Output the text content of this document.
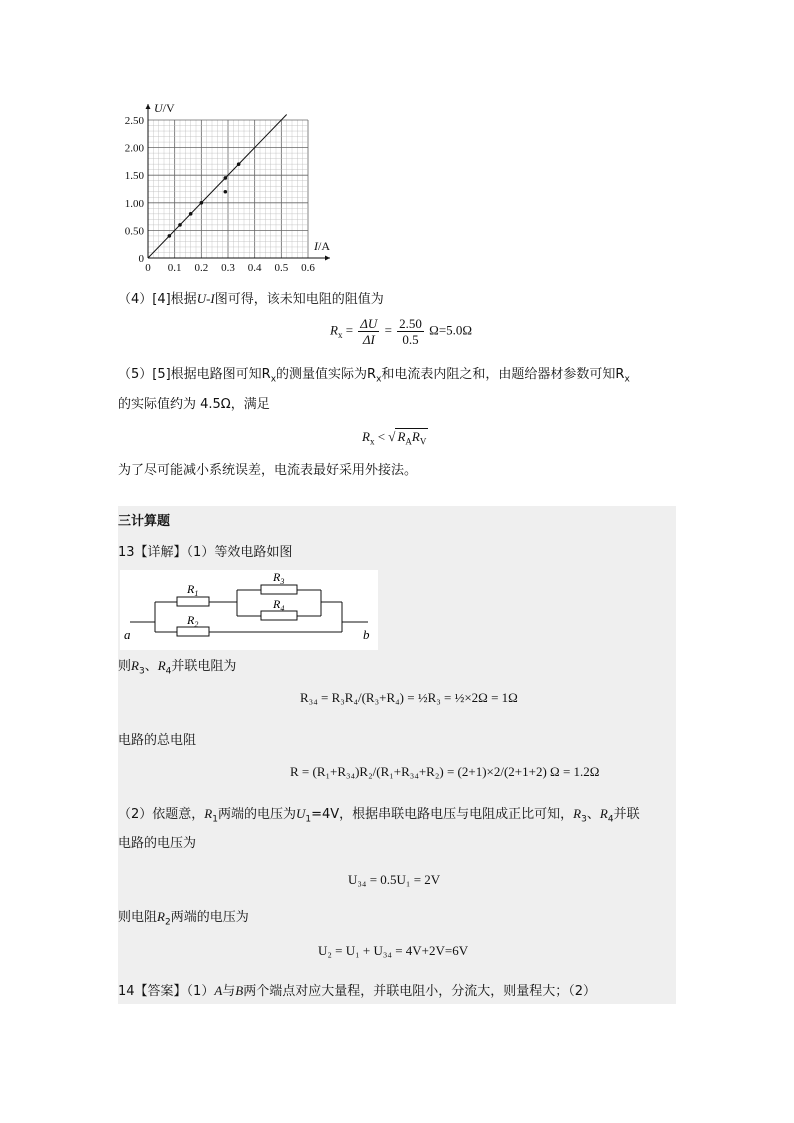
0 0.1 0.2 0.3 0.4 0.5 0.6
0
0.50
1.00
1.50
2.00
2.50
I/A
U/V
（4）[4]根据U-I图可得，该未知电阻的阻值为
$R_x = \frac{\Delta U}{\Delta I} = \frac{2.50}{0.5} \Omega=5.0\Omega$
（5）[5]根据电路图可知$R_x$的测量值实际为$R_x$和电流表内阻之和，由题给器材参数可知$R_x$
的实际值约为 4.5Ω，满足
$R_x$ < √ $R_AR_V$
为了尽可能减小系统误差，电流表最好采用外接法。
三计算题
13【详解】（1）等效电路如图
$R_1$
$R_2$
$R_3$
$R_4$
a	b
则$R_3$、$R_4$并联电阻为
R₃₄ = R₃R₄/(R₃+R₄) = ½R₃ = ½×2Ω = 1Ω
电路的总电阻
R = (R₁+R₃₄)R₂/(R₁+R₃₄+R₂) = (2+1)×2/(2+1+2) Ω = 1.2Ω
（2）依题意，$R_1$两端的电压为$U_1=4V$，根据串联电路电压与电阻成正比可知，$R_3$、$R_4$并联
电路的电压为
U₃₄ = 0.5U₁ = 2V
则电阻$R_2$两端的电压为
U₂ = U₁ + U₃₄ = 4V+2V=6V
14【答案】（1）A与B两个端点对应大量程，并联电阻小，分流大，则量程大；（2）
